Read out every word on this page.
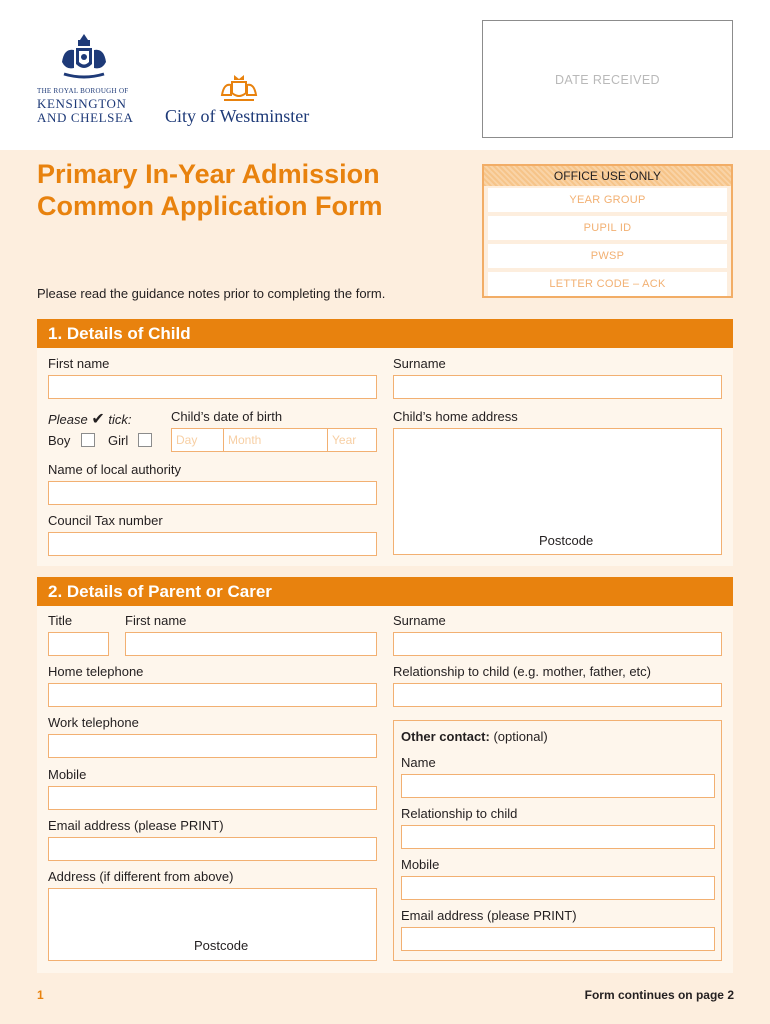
THE ROYAL BOROUGH OF
KENSINGTON
AND CHELSEA City of Westminster
DATE RECEIVED
Primary In-Year Admission
Common Application Form
Please read the guidance notes prior to completing the form.
OFFICE USE ONLY
YEAR GROUP
PUPIL ID
PWSP
LETTER CODE – ACK
1. Details of Child
First name	Surname
Please ✔ tick:
Boy	Girl
Child’s date of birth
Day	Month	Year
Child’s home address
Postcode
Name of local authority
Council Tax number
2. Details of Parent or Carer
Title	First name	Surname
Home telephone	Relationship to child (e.g. mother, father, etc)
Work telephone
Mobile
Email address (please PRINT)
Address (if different from above)
Postcode
Other contact: (optional)
Name
Relationship to child
Mobile
Email address (please PRINT)
1	Form continues on page 2
